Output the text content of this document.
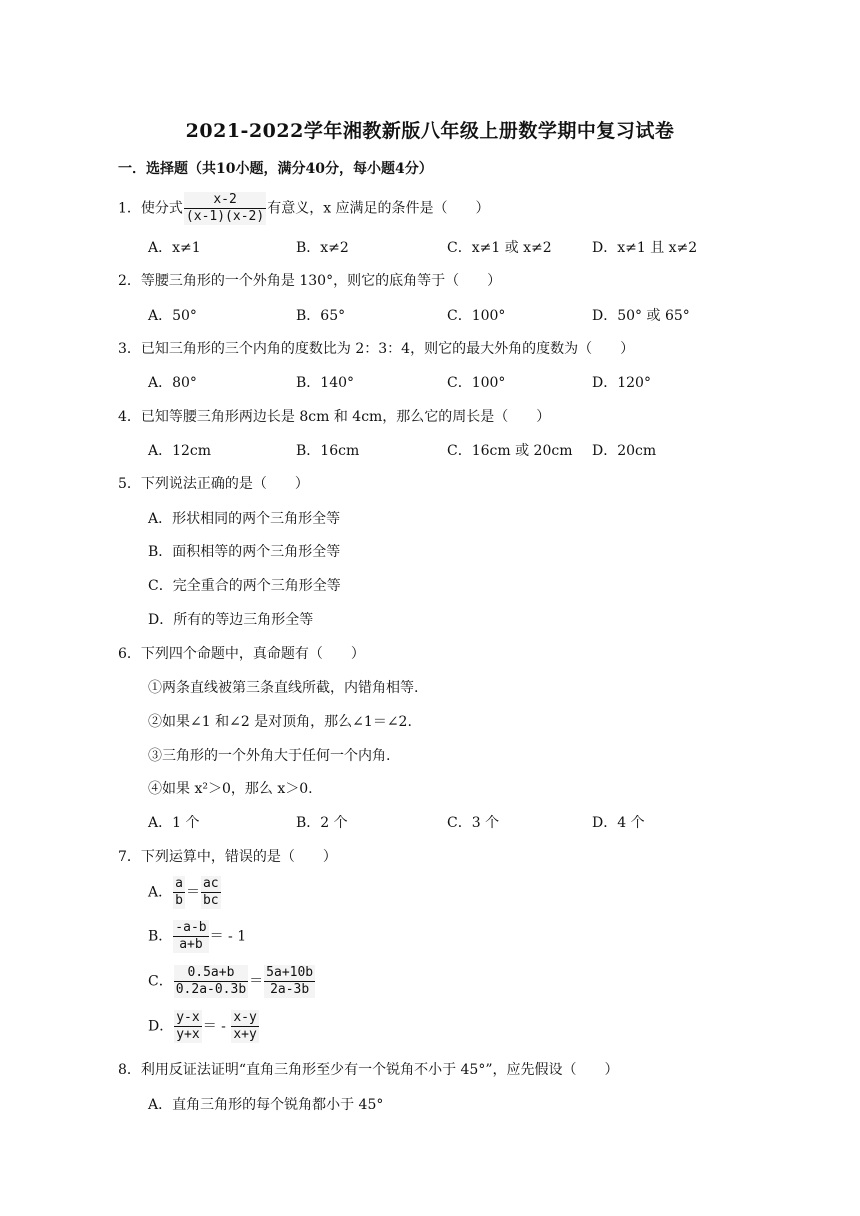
2021-2022学年湘教新版八年级上册数学期中复习试卷
一．选择题（共10小题，满分40分，每小题4分）
1．使分式 $\frac{x-2}{(x-1)(x-2)}$ 有意义，x 应满足的条件是（　　）
A．x≠1	B．x≠2	C．x≠1 或 x≠2	D．x≠1 且 x≠2
2．等腰三角形的一个外角是 130°，则它的底角等于（　　）
A．50°	B．65°	C．100°	D．50° 或 65°
3．已知三角形的三个内角的度数比为 2：3：4，则它的最大外角的度数为（　　）
A．80°	B．140°	C．100°	D．120°
4．已知等腰三角形两边长是 8cm 和 4cm，那么它的周长是（　　）
A．12cm	B．16cm	C．16cm 或 20cm D．20cm
5．下列说法正确的是（　　）
A．形状相同的两个三角形全等
B．面积相等的两个三角形全等
C．完全重合的两个三角形全等
D．所有的等边三角形全等
6．下列四个命题中，真命题有（　　）
①两条直线被第三条直线所截，内错角相等.
②如果∠1 和∠2 是对顶角，那么∠1＝∠2.
③三角形的一个外角大于任何一个内角.
④如果 x²＞0，那么 x＞0.
A．1 个	B．2 个	C．3 个	D．4 个
7．下列运算中，错误的是（　　）
A． $\frac{a}{b} = \frac{ac}{bc}$
B． $\frac{-a-b}{a+b}$ ＝ - 1
C． $\frac{0.5a+b}{0.2a-0.3b} = \frac{5a+10b}{2a-3b}$
D． $\frac{y-x}{y+x}$ ＝ - $\frac{x-y}{x+y}$
8．利用反证法证明“直角三角形至少有一个锐角不小于 45°”，应先假设（　　）
A．直角三角形的每个锐角都小于 45°
